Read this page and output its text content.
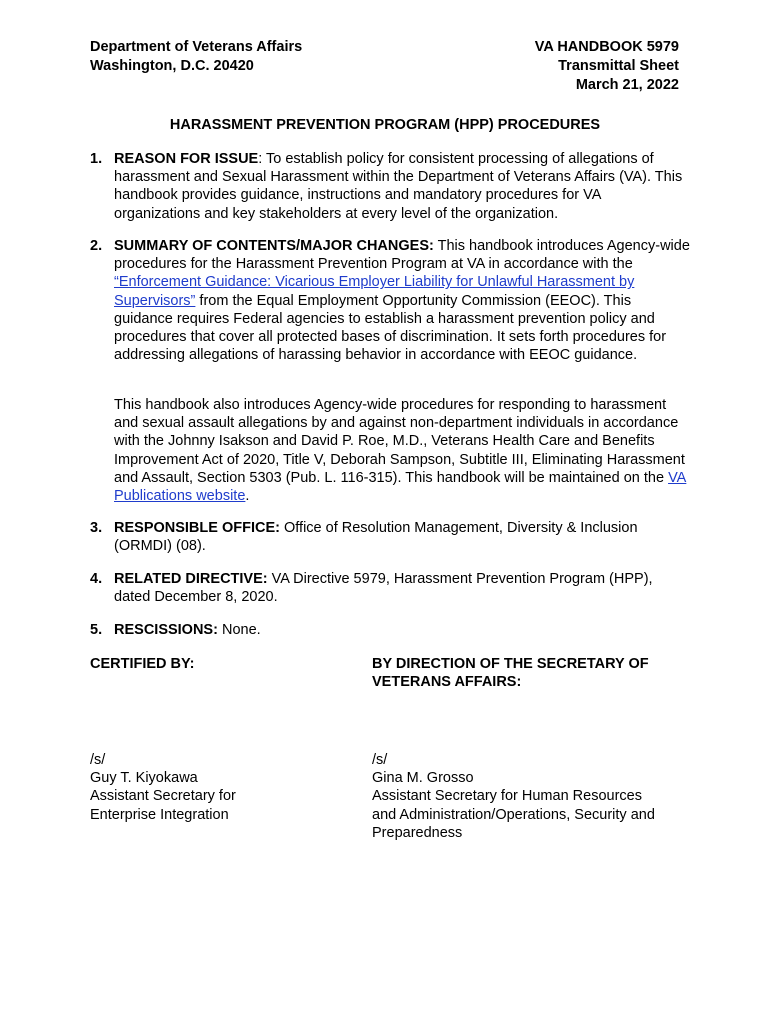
Department of Veterans Affairs
Washington, D.C. 20420
VA HANDBOOK 5979
Transmittal Sheet
March 21, 2022
HARASSMENT PREVENTION PROGRAM (HPP) PROCEDURES
1. REASON FOR ISSUE: To establish policy for consistent processing of allegations of harassment and Sexual Harassment within the Department of Veterans Affairs (VA). This handbook provides guidance, instructions and mandatory procedures for VA organizations and key stakeholders at every level of the organization.
2. SUMMARY OF CONTENTS/MAJOR CHANGES: This handbook introduces Agency-wide procedures for the Harassment Prevention Program at VA in accordance with the “Enforcement Guidance: Vicarious Employer Liability for Unlawful Harassment by Supervisors” from the Equal Employment Opportunity Commission (EEOC). This guidance requires Federal agencies to establish a harassment prevention policy and procedures that cover all protected bases of discrimination. It sets forth procedures for addressing allegations of harassing behavior in accordance with EEOC guidance.
This handbook also introduces Agency-wide procedures for responding to harassment and sexual assault allegations by and against non-department individuals in accordance with the Johnny Isakson and David P. Roe, M.D., Veterans Health Care and Benefits Improvement Act of 2020, Title V, Deborah Sampson, Subtitle III, Eliminating Harassment and Assault, Section 5303 (Pub. L. 116-315). This handbook will be maintained on the VA Publications website.
3. RESPONSIBLE OFFICE: Office of Resolution Management, Diversity & Inclusion (ORMDI) (08).
4. RELATED DIRECTIVE: VA Directive 5979, Harassment Prevention Program (HPP), dated December 8, 2020.
5. RESCISSIONS: None.
CERTIFIED BY:
/s/
Guy T. Kiyokawa
Assistant Secretary for
Enterprise Integration
BY DIRECTION OF THE SECRETARY OF
VETERANS AFFAIRS:
/s/
Gina M. Grosso
Assistant Secretary for Human Resources
and Administration/Operations, Security and
Preparedness
